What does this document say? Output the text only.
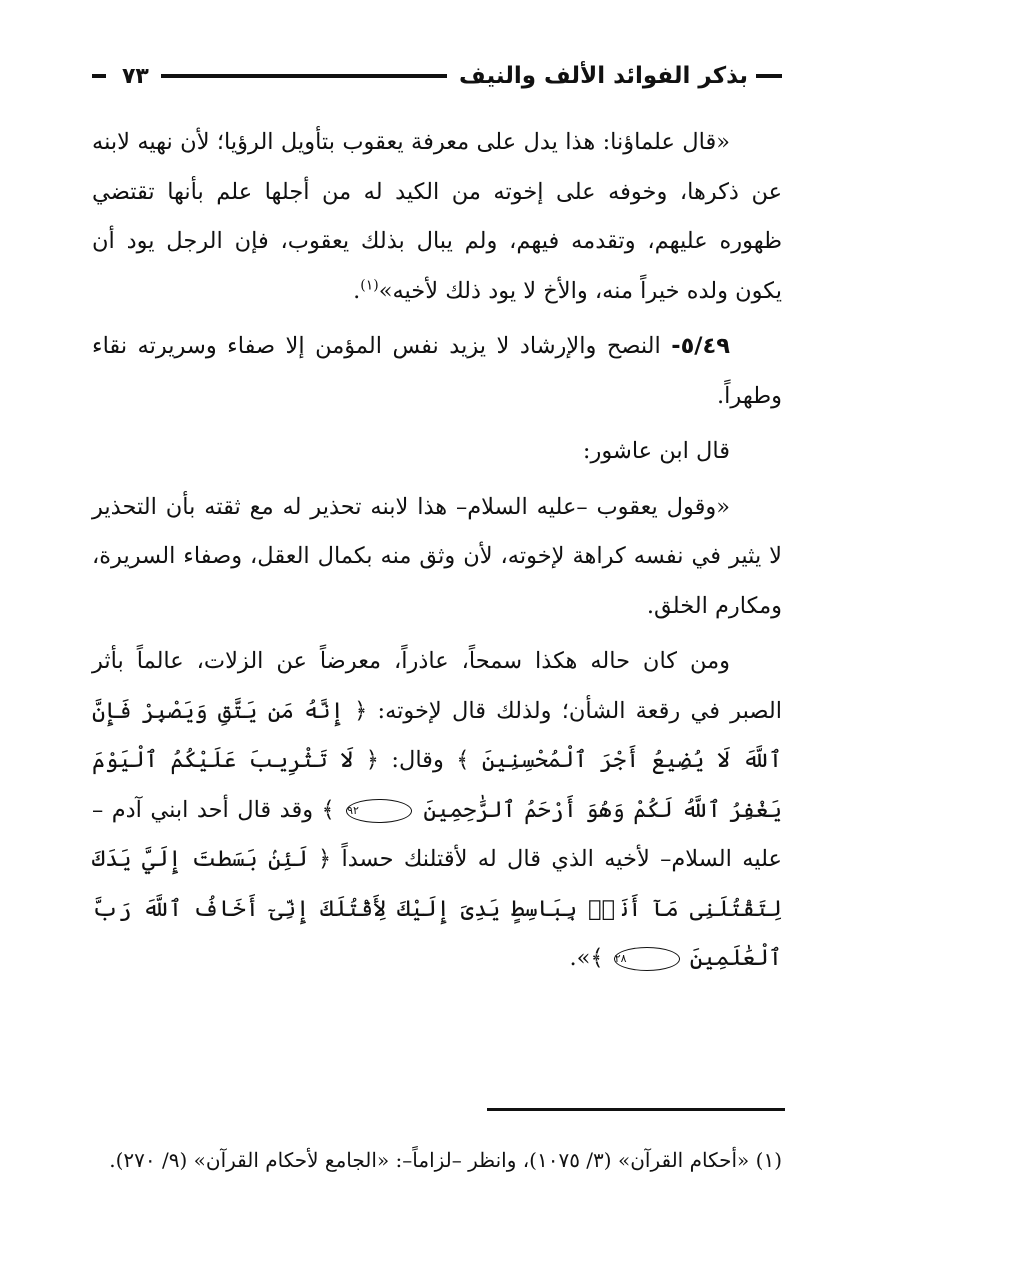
بذكر الفوائد الألف والنيف
٧٣

«قال علماؤنا: هذا يدل على معرفة يعقوب بتأويل الرؤيا؛ لأن نهيه لابنه عن ذكرها، وخوفه على إخوته من الكيد له من أجلها علم بأنها تقتضي ظهوره عليهم، وتقدمه فيهم، ولم يبال بذلك يعقوب، فإن الرجل يود أن يكون ولده خيراً منه، والأخ لا يود ذلك لأخيه»$^{(١)}$.

٥/٤٩- النصح والإرشاد لا يزيد نفس المؤمن إلا صفاء وسريرته نقاء وطهراً.

قال ابن عاشور:

«وقول يعقوب –عليه السلام– هذا لابنه تحذير له مع ثقته بأن التحذير لا يثير في نفسه كراهة لإخوته، لأن وثق منه بكمال العقل، وصفاء السريرة، ومكارم الخلق.

ومن كان حاله هكذا سمحاً، عاذراً، معرضاً عن الزلات، عالماً بأثر الصبر في رقعة الشأن؛ ولذلك قال لإخوته: ﴿ إِنَّهُ مَن يَتَّقِ وَيَصْبِرْ فَإِنَّ ٱللَّهَ لَا يُضِيعُ أَجْرَ ٱلْمُحْسِنِينَ ﴾ وقال: ﴿ لَا تَثْرِيبَ عَلَيْكُمُ ٱلْيَوْمَ يَغْفِرُ ٱللَّهُ لَكُمْ وَهُوَ أَرْحَمُ ٱلرَّٰحِمِينَ ٩٢ ﴾ وقد قال أحد ابني آدم –عليه السلام– لأخيه الذي قال له لأقتلنك حسداً ﴿ لَئِنۢ بَسَطتَ إِلَيَّ يَدَكَ لِتَقْتُلَنِى مَآ أَنَا۠ بِبَاسِطٍ يَدِىَ إِلَيْكَ لِأَقْتُلَكَ إِنِّىٓ أَخَافُ ٱللَّهَ رَبَّ ٱلْعَٰلَمِينَ ٢٨ ﴾».

(١) «أحكام القرآن» (٣/ ١٠٧٥)، وانظر –لزاماً–: «الجامع لأحكام القرآن» (٩/ ٢٧٠).
